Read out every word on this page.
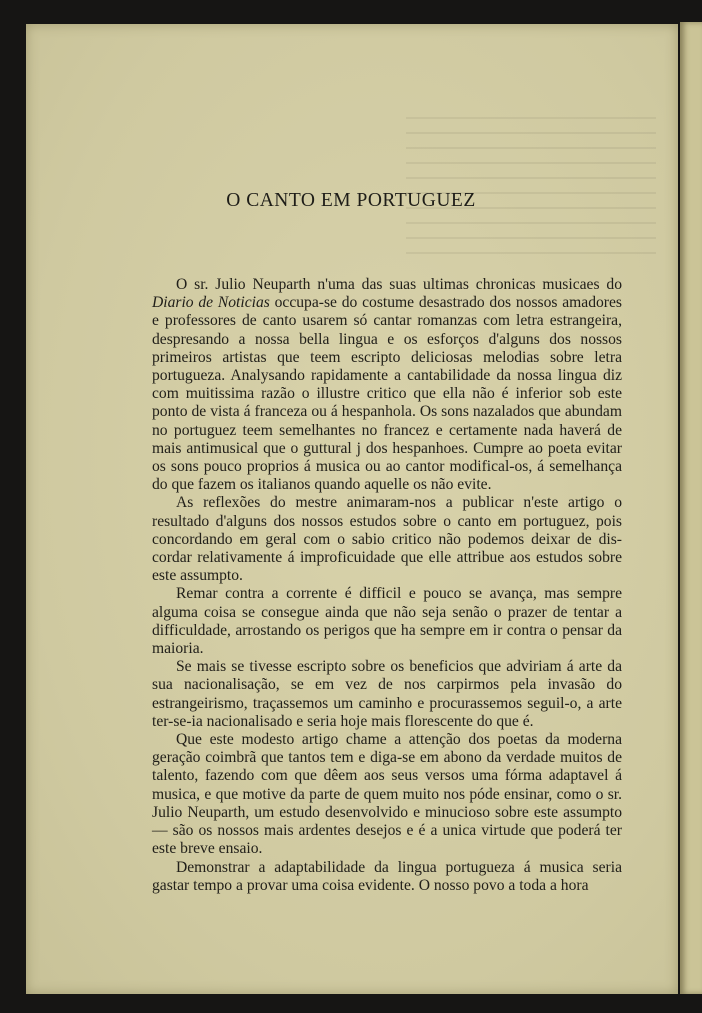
O CANTO EM PORTUGUEZ

O sr. Julio Neuparth n'uma das suas ultimas chronicas musicaes do Diario de Noticias occupa-se do costume desastrado dos nossos amadores e professores de canto usarem só cantar romanzas com letra estrangeira, despresando a nossa bella lingua e os esforços d'alguns dos nossos primeiros artistas que teem escripto deliciosas melodias sobre letra portugueza. Analysando rapidamente a cantabilidade da nossa lingua diz com muitissima razão o illustre critico que ella não é inferior sob este ponto de vista á franceza ou á hespanhola. Os sons nazalados que abundam no portuguez teem semelhantes no francez e certamente nada haverá de mais antimusical que o guttural j dos hespanhoes. Cumpre ao poeta evitar os sons pouco proprios á musica ou ao cantor modifical-os, á semelhança do que fazem os italianos quando aquelle os não evite.

As reflexões do mestre animaram-nos a publicar n'este artigo o resultado d'alguns dos nossos estudos sobre o canto em portuguez, pois concordando em geral com o sabio critico não podemos deixar de discordar relativamente á improficuidade que elle attribue aos estudos sobre este assumpto.

Remar contra a corrente é difficil e pouco se avança, mas sempre alguma coisa se consegue ainda que não seja senão o prazer de tentar a difficuldade, arrostando os perigos que ha sempre em ir contra o pensar da maioria.

Se mais se tivesse escripto sobre os beneficios que adviriam á arte da sua nacionalisação, se em vez de nos carpirmos pela invasão do estrangeirismo, traçassemos um caminho e procurassemos seguil-o, a arte ter-se-ia nacionalisado e seria hoje mais florescente do que é.

Que este modesto artigo chame a attenção dos poetas da moderna geração coimbrã que tantos tem e diga-se em abono da verdade muitos de talento, fazendo com que dêem aos seus versos uma fórma adaptavel á musica, e que motive da parte de quem muito nos póde ensinar, como o sr. Julio Neuparth, um estudo desenvolvido e minucioso sobre este assumpto — são os nossos mais ardentes desejos e é a unica virtude que poderá ter este breve ensaio.

Demonstrar a adaptabilidade da lingua portugueza á musica seria gastar tempo a provar uma coisa evidente. O nosso povo a toda a hora
